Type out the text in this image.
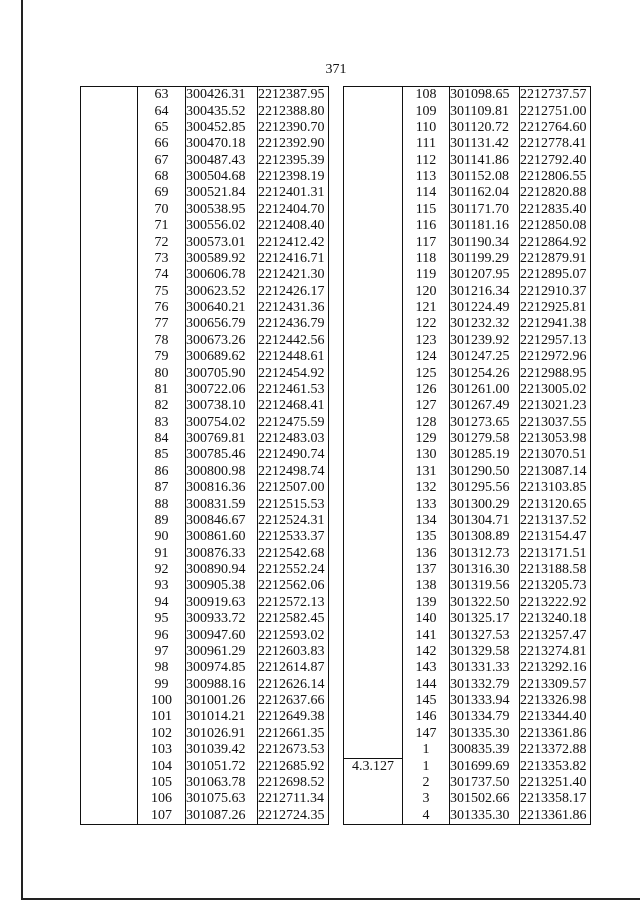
371
	63	300426.31	2212387.95
	64	300435.52	2212388.80
	65	300452.85	2212390.70
	66	300470.18	2212392.90
	67	300487.43	2212395.39
	68	300504.68	2212398.19
	69	300521.84	2212401.31
	70	300538.95	2212404.70
	71	300556.02	2212408.40
	72	300573.01	2212412.42
	73	300589.92	2212416.71
	74	300606.78	2212421.30
	75	300623.52	2212426.17
	76	300640.21	2212431.36
	77	300656.79	2212436.79
	78	300673.26	2212442.56
	79	300689.62	2212448.61
	80	300705.90	2212454.92
	81	300722.06	2212461.53
	82	300738.10	2212468.41
	83	300754.02	2212475.59
	84	300769.81	2212483.03
	85	300785.46	2212490.74
	86	300800.98	2212498.74
	87	300816.36	2212507.00
	88	300831.59	2212515.53
	89	300846.67	2212524.31
	90	300861.60	2212533.37
	91	300876.33	2212542.68
	92	300890.94	2212552.24
	93	300905.38	2212562.06
	94	300919.63	2212572.13
	95	300933.72	2212582.45
	96	300947.60	2212593.02
	97	300961.29	2212603.83
	98	300974.85	2212614.87
	99	300988.16	2212626.14
	100	301001.26	2212637.66
	101	301014.21	2212649.38
	102	301026.91	2212661.35
	103	301039.42	2212673.53
	104	301051.72	2212685.92
	105	301063.78	2212698.52
	106	301075.63	2212711.34
	107	301087.26	2212724.35
	108	301098.65	2212737.57
	109	301109.81	2212751.00
	110	301120.72	2212764.60
	111	301131.42	2212778.41
	112	301141.86	2212792.40
	113	301152.08	2212806.55
	114	301162.04	2212820.88
	115	301171.70	2212835.40
	116	301181.16	2212850.08
	117	301190.34	2212864.92
	118	301199.29	2212879.91
	119	301207.95	2212895.07
	120	301216.34	2212910.37
	121	301224.49	2212925.81
	122	301232.32	2212941.38
	123	301239.92	2212957.13
	124	301247.25	2212972.96
	125	301254.26	2212988.95
	126	301261.00	2213005.02
	127	301267.49	2213021.23
	128	301273.65	2213037.55
	129	301279.58	2213053.98
	130	301285.19	2213070.51
	131	301290.50	2213087.14
	132	301295.56	2213103.85
	133	301300.29	2213120.65
	134	301304.71	2213137.52
	135	301308.89	2213154.47
	136	301312.73	2213171.51
	137	301316.30	2213188.58
	138	301319.56	2213205.73
	139	301322.50	2213222.92
	140	301325.17	2213240.18
	141	301327.53	2213257.47
	142	301329.58	2213274.81
	143	301331.33	2213292.16
	144	301332.79	2213309.57
	145	301333.94	2213326.98
	146	301334.79	2213344.40
	147	301335.30	2213361.86
	1	300835.39	2213372.88
4.3.127	1	301699.69	2213353.82
	2	301737.50	2213251.40
	3	301502.66	2213358.17
	4	301335.30	2213361.86
